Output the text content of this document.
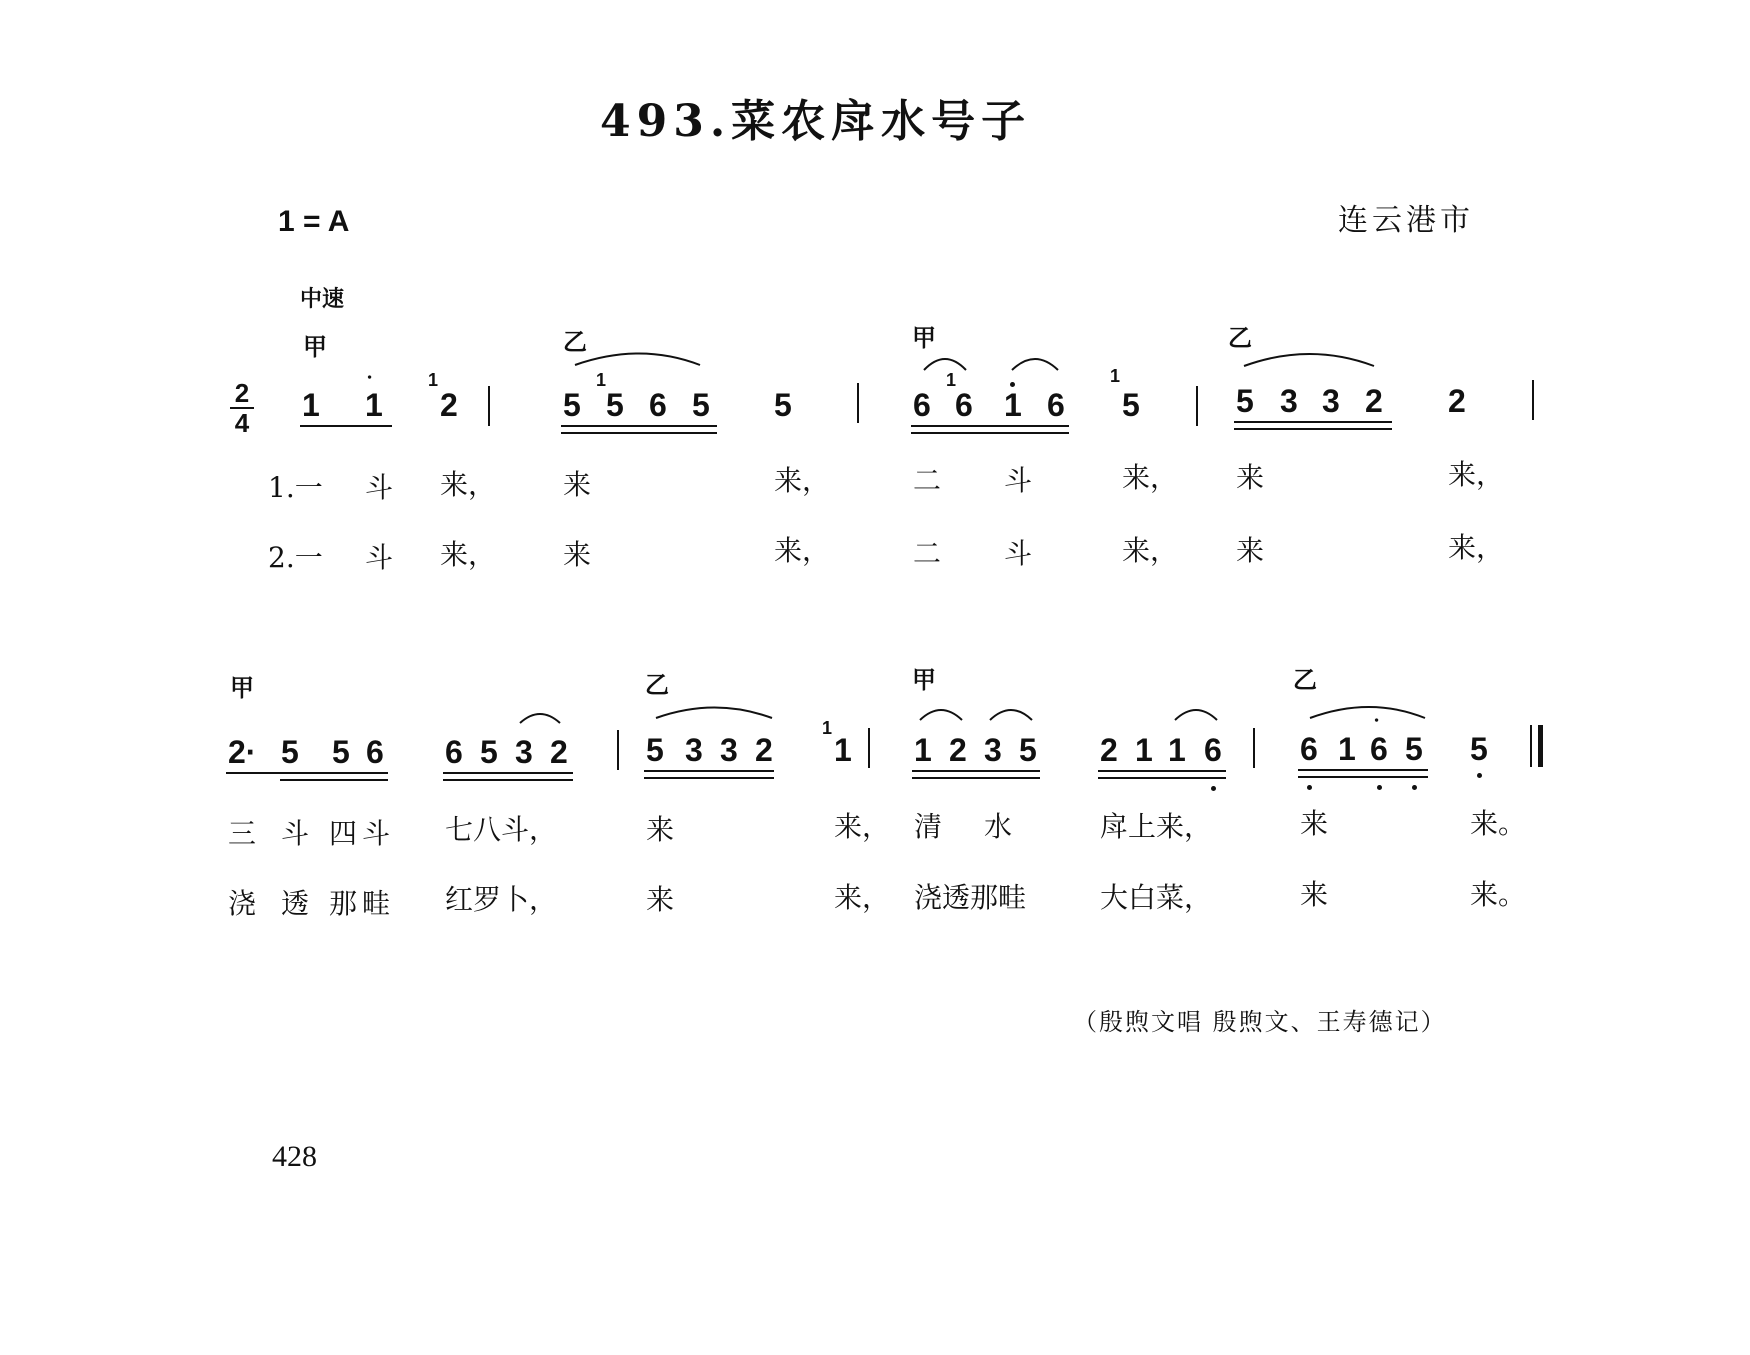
493.菜农戽水号子
1 = A	连云港市
中速
甲	乙	甲	乙
2
4 1 1
᭼	1
2	5
1
5 6 5 5	6
1
6 1 6
1
5	5 3 3 2 2
1.一 斗 来， 来	来，	二 斗	来， 来	来，
2.一 斗 来， 来	来，	二 斗	来， 来	来，
甲	乙	甲	乙
2· 5 5 6 6 5 3 2 5 3 3 2
1
1 1 2 3 5 2 1 1 6 6 1 6
᭼
5 5
三 斗 四 斗 七八斗，	来	来， 清 水	戽上来，	来	来。
浇 透 那 畦 红罗卜，	来	来， 浇透那畦	大白菜，	来	来。
（殷煦文唱 殷煦文、王寿德记）
428
